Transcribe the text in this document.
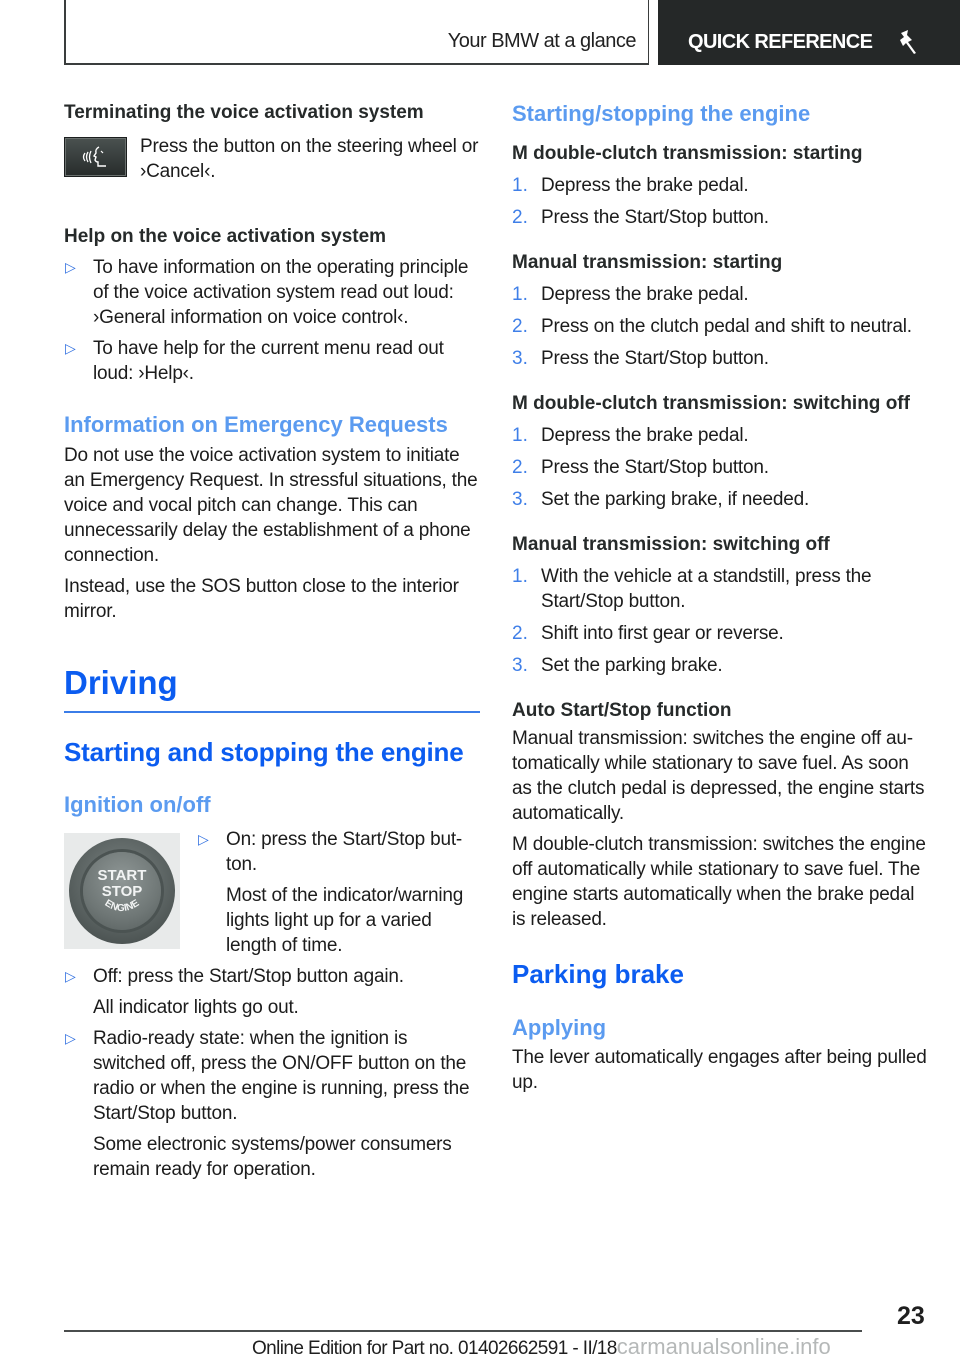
Your BMW at a glance	QUICK REFERENCE
Terminating the voice activation system
Press the button on the steering wheel or ›Cancel‹.
Help on the voice activation system
▷ To have information on the operating principle of the voice activation system read out loud: ›General information on voice control‹.
▷ To have help for the current menu read out loud: ›Help‹.
Information on Emergency Requests
Do not use the voice activation system to initiate an Emergency Request. In stressful situations, the voice and vocal pitch can change. This can unnecessarily delay the establishment of a phone connection.
Instead, use the SOS button close to the interior mirror.
Driving
Starting and stopping the engine
Ignition on/off
START
STOP
ENGINE
▷ On: press the Start/Stop button.
Most of the indicator/warning lights light up for a varied length of time.
▷ Off: press the Start/Stop button again.
All indicator lights go out.
▷ Radio-ready state: when the ignition is switched off, press the ON/OFF button on the radio or when the engine is running, press the Start/Stop button.
Some electronic systems/power consumers remain ready for operation.
Starting/stopping the engine
M double-clutch transmission: starting
1. Depress the brake pedal.
2. Press the Start/Stop button.
Manual transmission: starting
1. Depress the brake pedal.
2. Press on the clutch pedal and shift to neutral.
3. Press the Start/Stop button.
M double-clutch transmission: switching off
1. Depress the brake pedal.
2. Press the Start/Stop button.
3. Set the parking brake, if needed.
Manual transmission: switching off
1. With the vehicle at a standstill, press the Start/Stop button.
2. Shift into first gear or reverse.
3. Set the parking brake.
Auto Start/Stop function
Manual transmission: switches the engine off automatically while stationary to save fuel. As soon as the clutch pedal is depressed, the engine starts automatically.
M double-clutch transmission: switches the engine off automatically while stationary to save fuel. The engine starts automatically when the brake pedal is released.
Parking brake
Applying
The lever automatically engages after being pulled up.
23
Online Edition for Part no. 01402662591 - II/18carmanualsonline.info
